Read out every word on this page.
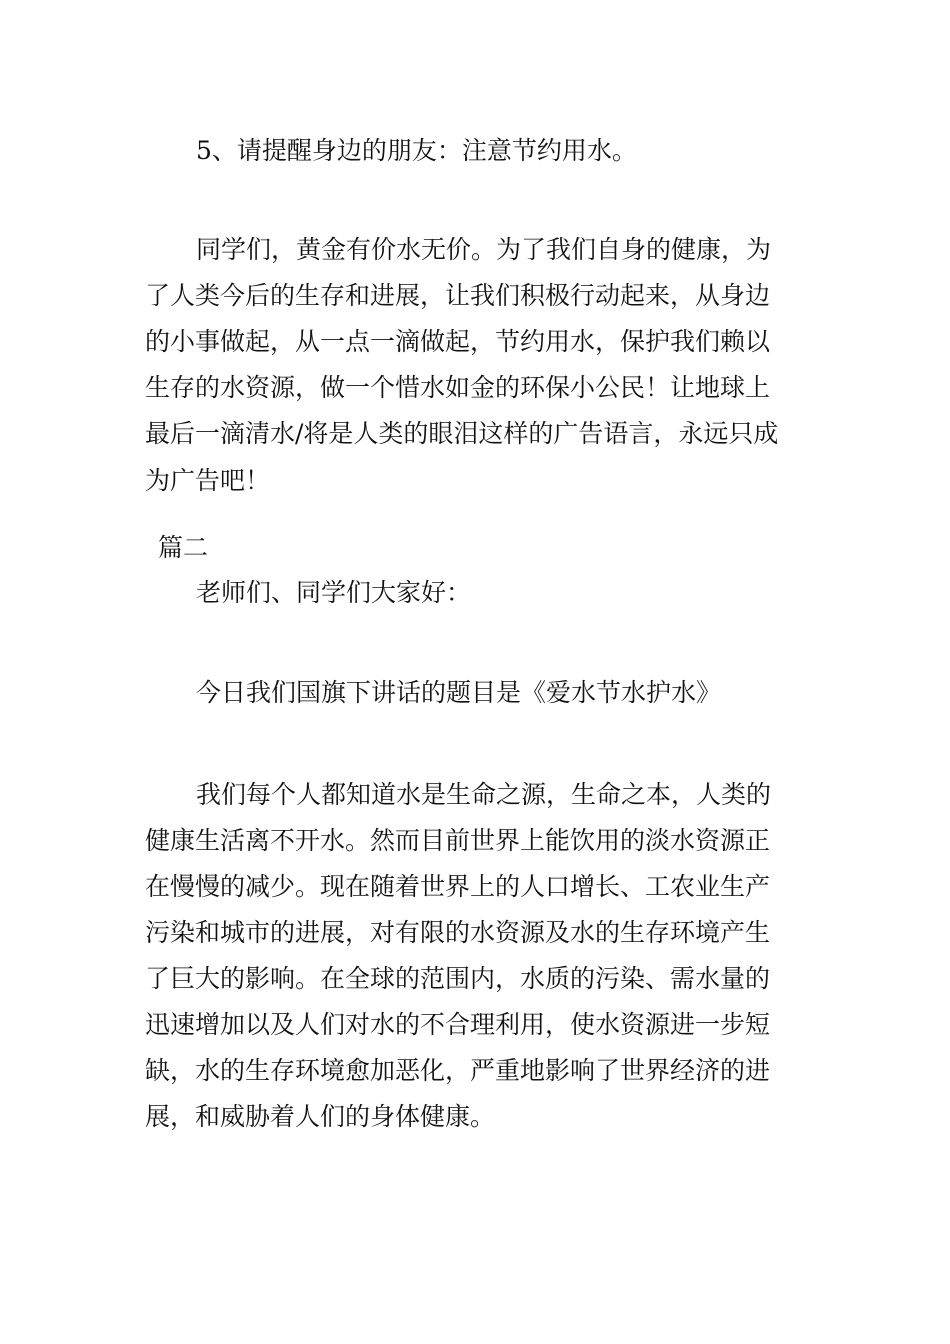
5、请提醒身边的朋友：注意节约用水。
同学们，黄金有价水无价。为了我们自身的健康，为
了人类今后的生存和进展，让我们积极行动起来，从身边
的小事做起，从一点一滴做起，节约用水，保护我们赖以
生存的水资源，做一个惜水如金的环保小公民！让地球上
最后一滴清水/将是人类的眼泪这样的广告语言，永远只成
为广告吧！
篇二
老师们、同学们大家好：
今日我们国旗下讲话的题目是《爱水节水护水》
我们每个人都知道水是生命之源，生命之本，人类的
健康生活离不开水。然而目前世界上能饮用的淡水资源正
在慢慢的减少。现在随着世界上的人口增长、工农业生产
污染和城市的进展，对有限的水资源及水的生存环境产生
了巨大的影响。在全球的范围内，水质的污染、需水量的
迅速增加以及人们对水的不合理利用，使水资源进一步短
缺，水的生存环境愈加恶化，严重地影响了世界经济的进
展，和威胁着人们的身体健康。
